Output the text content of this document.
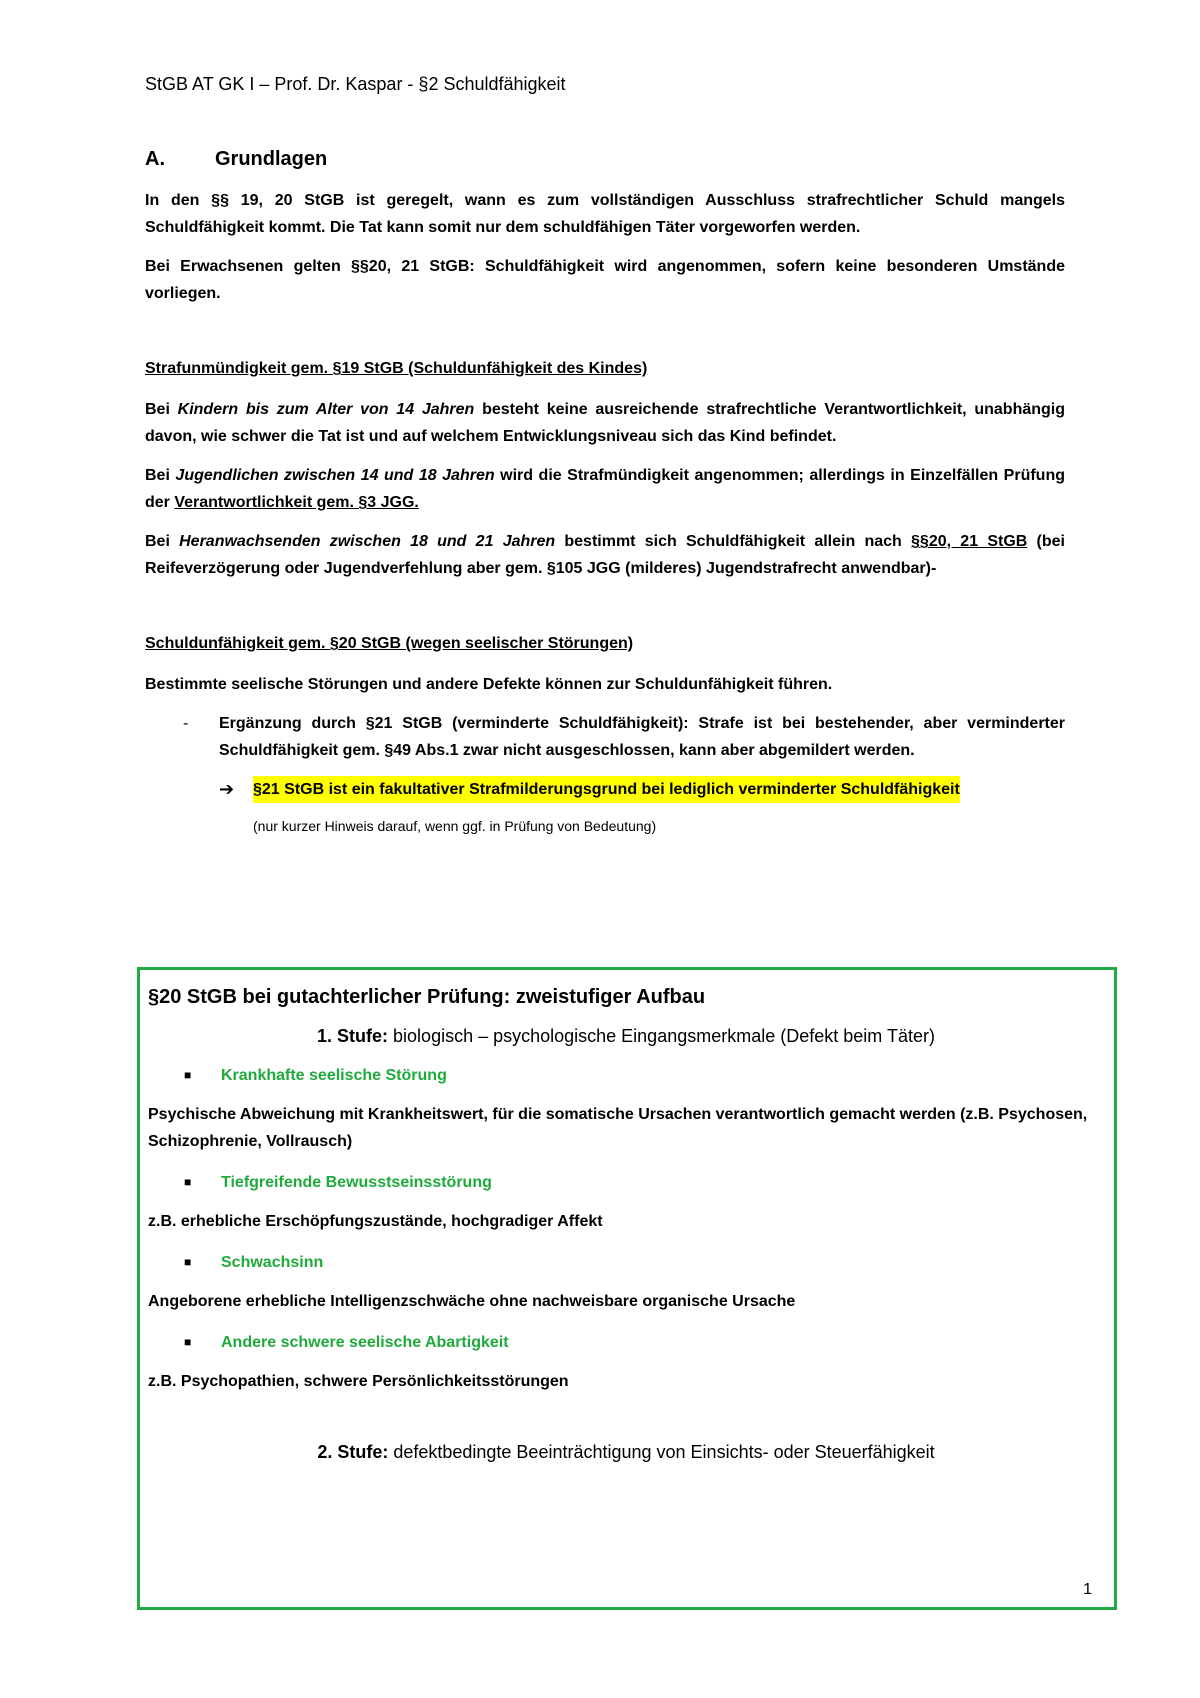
StGB AT GK I – Prof. Dr. Kaspar - §2 Schuldfähigkeit
A.	Grundlagen

In den §§ 19, 20 StGB ist geregelt, wann es zum vollständigen Ausschluss strafrechtlicher Schuld mangels Schuldfähigkeit kommt. Die Tat kann somit nur dem schuldfähigen Täter vorgeworfen werden.

Bei Erwachsenen gelten §§20, 21 StGB: Schuldfähigkeit wird angenommen, sofern keine besonderen Umstände vorliegen.

Strafunmündigkeit gem. §19 StGB (Schuldunfähigkeit des Kindes)

Bei Kindern bis zum Alter von 14 Jahren besteht keine ausreichende strafrechtliche Verantwortlichkeit, unabhängig davon, wie schwer die Tat ist und auf welchem Entwicklungsniveau sich das Kind befindet.

Bei Jugendlichen zwischen 14 und 18 Jahren wird die Strafmündigkeit angenommen; allerdings in Einzelfällen Prüfung der Verantwortlichkeit gem. §3 JGG.

Bei Heranwachsenden zwischen 18 und 21 Jahren bestimmt sich Schuldfähigkeit allein nach §§20, 21 StGB (bei Reifeverzögerung oder Jugendverfehlung aber gem. §105 JGG (milderes) Jugendstrafrecht anwendbar)-

Schuldunfähigkeit gem. §20 StGB (wegen seelischer Störungen)

Bestimmte seelische Störungen und andere Defekte können zur Schuldunfähigkeit führen.

-	Ergänzung durch §21 StGB (verminderte Schuldfähigkeit): Strafe ist bei bestehender, aber verminderter Schuldfähigkeit gem. §49 Abs.1 zwar nicht ausgeschlossen, kann aber abgemildert werden.
➔	§21 StGB ist ein fakultativer Strafmilderungsgrund bei lediglich verminderter Schuldfähigkeit
(nur kurzer Hinweis darauf, wenn ggf. in Prüfung von Bedeutung)
§20 StGB bei gutachterlicher Prüfung: zweistufiger Aufbau
1. Stufe: biologisch – psychologische Eingangsmerkmale (Defekt beim Täter)
■	Krankhafte seelische Störung
Psychische Abweichung mit Krankheitswert, für die somatische Ursachen verantwortlich gemacht werden (z.B. Psychosen, Schizophrenie, Vollrausch)
■	Tiefgreifende Bewusstseinsstörung
z.B. erhebliche Erschöpfungszustände, hochgradiger Affekt
■	Schwachsinn
Angeborene erhebliche Intelligenzschwäche ohne nachweisbare organische Ursache
■	Andere schwere seelische Abartigkeit
z.B. Psychopathien, schwere Persönlichkeitsstörungen
2. Stufe: defektbedingte Beeinträchtigung von Einsichts- oder Steuerfähigkeit
1
